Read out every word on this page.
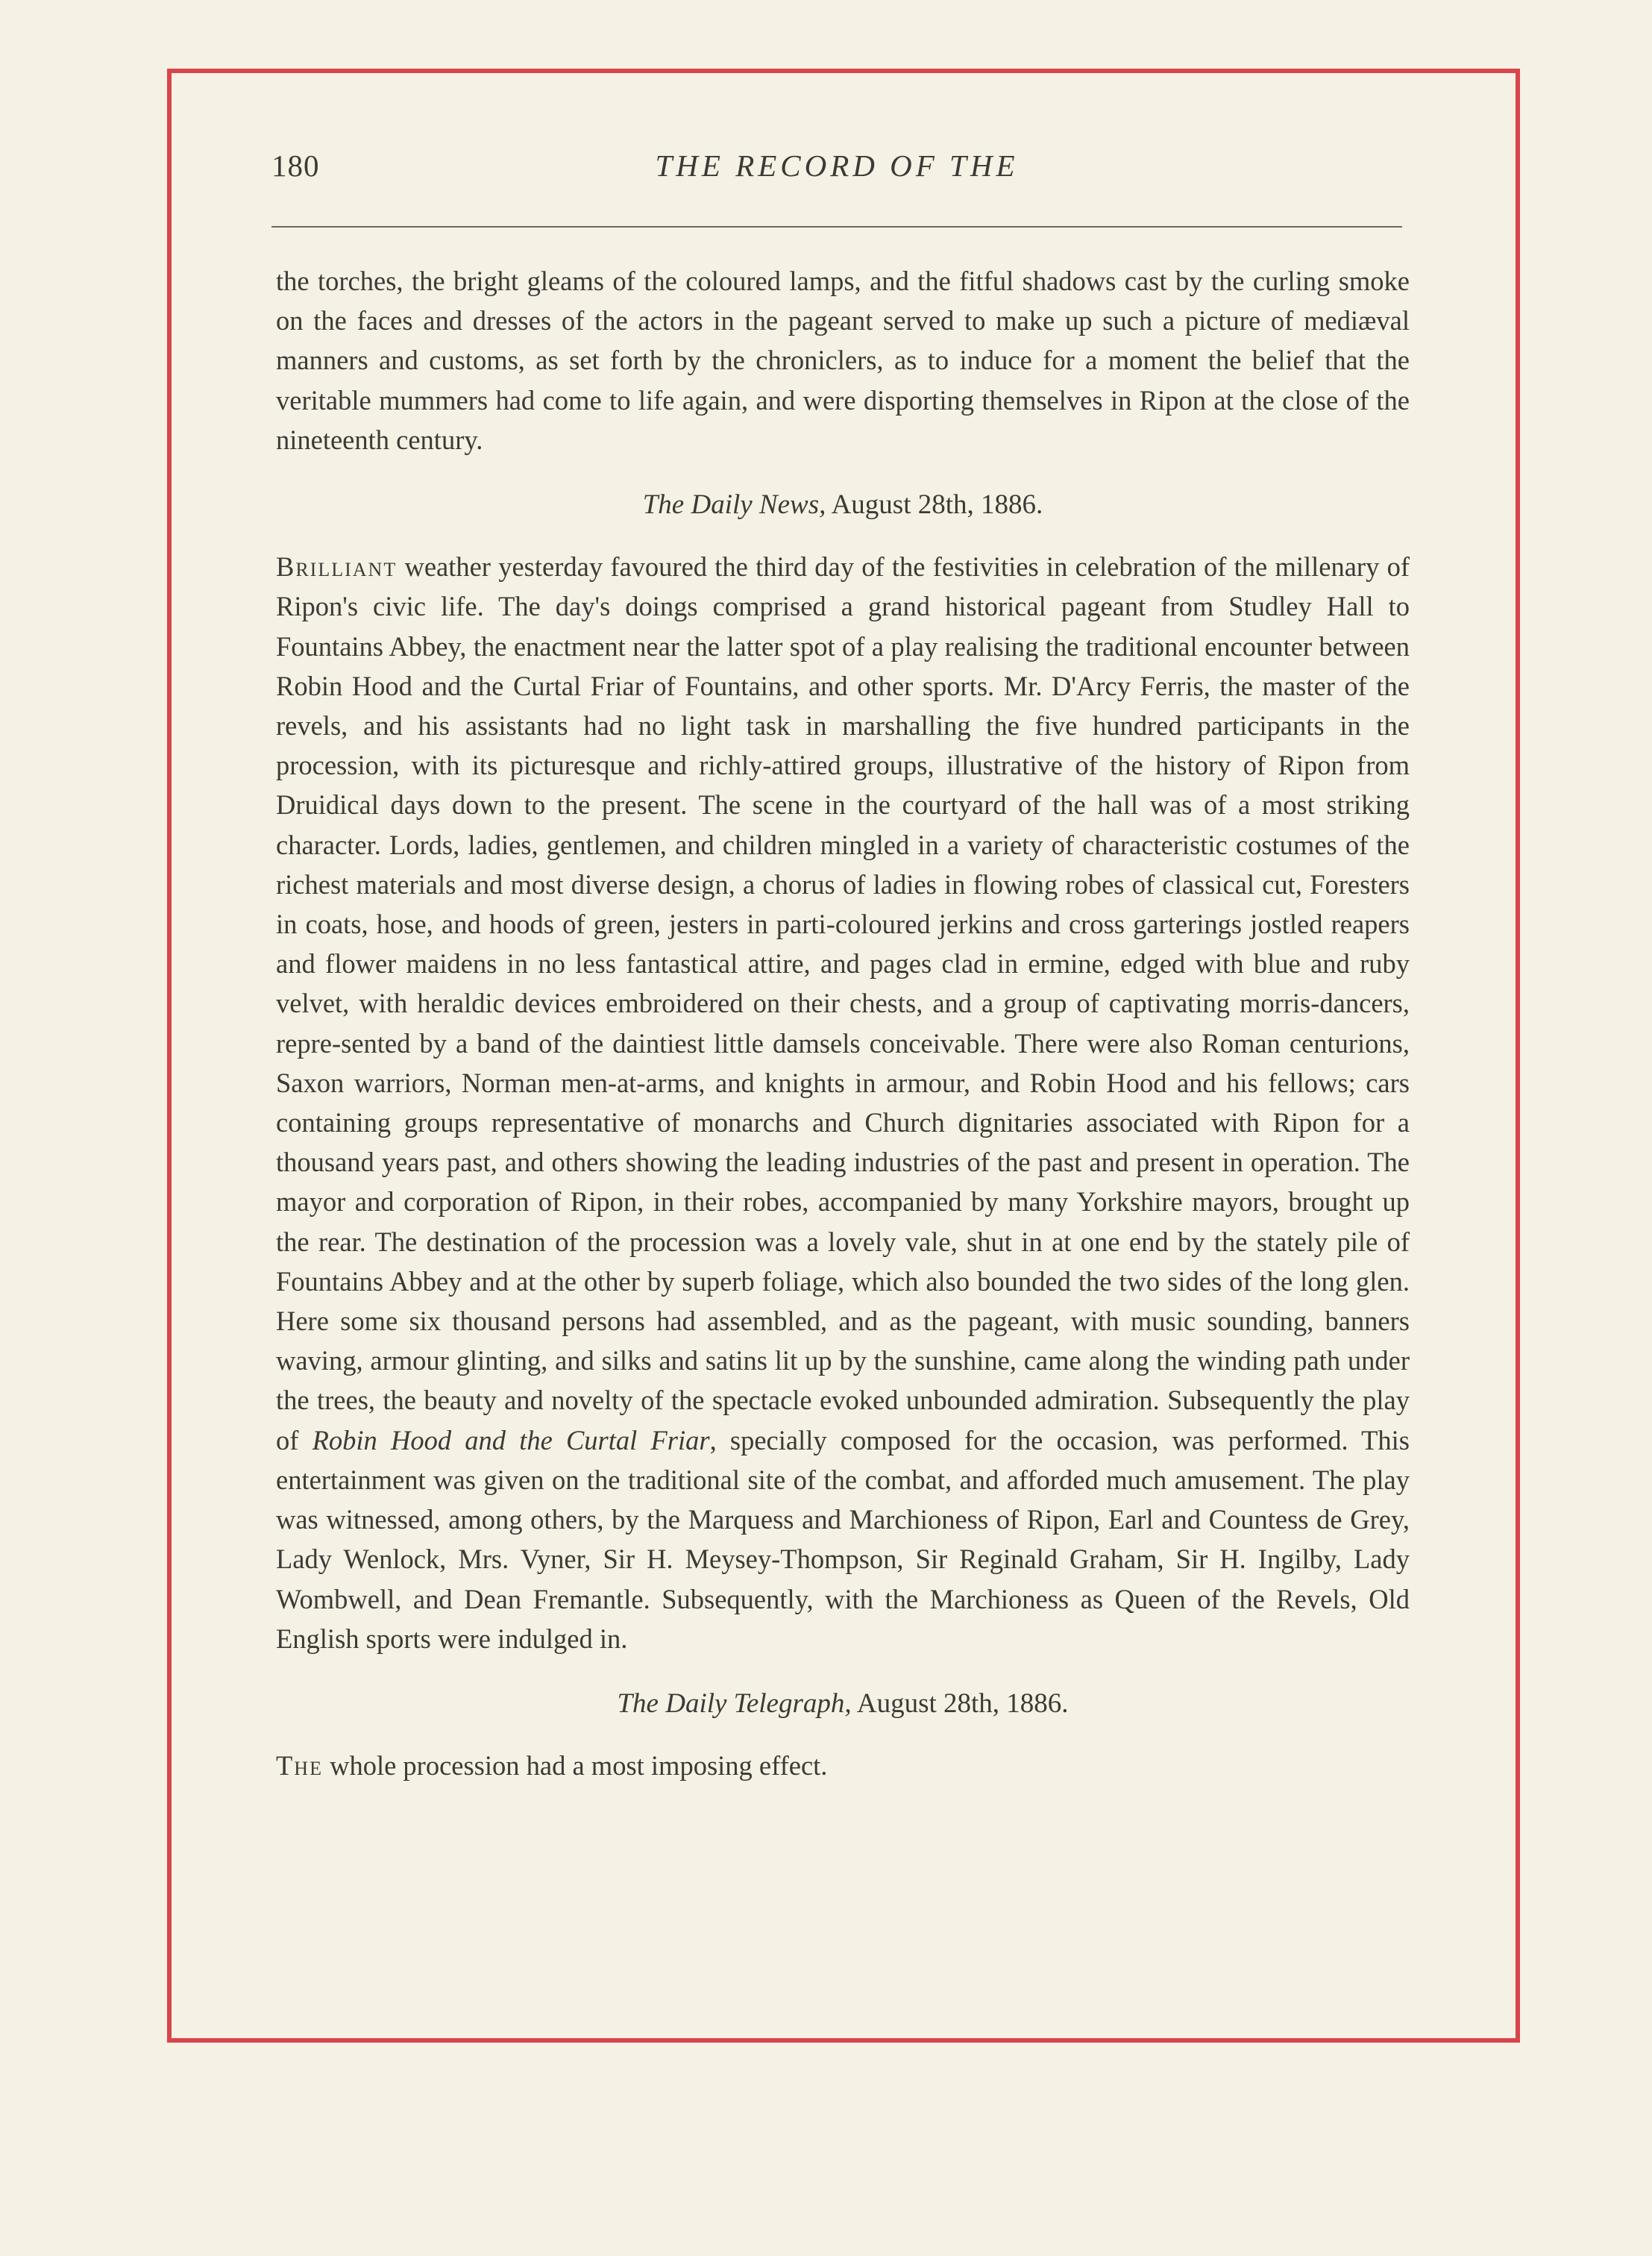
180	THE RECORD OF THE

the torches, the bright gleams of the coloured lamps, and the fitful shadows cast by the curling smoke on the faces and dresses of the actors in the pageant served to make up such a picture of mediæval manners and customs, as set forth by the chroniclers, as to induce for a moment the belief that the veritable mummers had come to life again, and were disporting themselves in Ripon at the close of the nineteenth century.

The Daily News, August 28th, 1886.

Brilliant weather yesterday favoured the third day of the festivities in celebration of the millenary of Ripon's civic life. The day's doings comprised a grand historical pageant from Studley Hall to Fountains Abbey, the enactment near the latter spot of a play realising the traditional encounter between Robin Hood and the Curtal Friar of Fountains, and other sports. Mr. D'Arcy Ferris, the master of the revels, and his assistants had no light task in marshalling the five hundred participants in the procession, with its picturesque and richly-attired groups, illustrative of the history of Ripon from Druidical days down to the present. The scene in the courtyard of the hall was of a most striking character. Lords, ladies, gentlemen, and children mingled in a variety of characteristic costumes of the richest materials and most diverse design, a chorus of ladies in flowing robes of classical cut, Foresters in coats, hose, and hoods of green, jesters in parti-coloured jerkins and cross garterings jostled reapers and flower maidens in no less fantastical attire, and pages clad in ermine, edged with blue and ruby velvet, with heraldic devices embroidered on their chests, and a group of captivating morris-dancers, repre-sented by a band of the daintiest little damsels conceivable. There were also Roman centurions, Saxon warriors, Norman men-at-arms, and knights in armour, and Robin Hood and his fellows; cars containing groups representative of monarchs and Church dignitaries associated with Ripon for a thousand years past, and others showing the leading industries of the past and present in operation. The mayor and corporation of Ripon, in their robes, accompanied by many Yorkshire mayors, brought up the rear. The destination of the procession was a lovely vale, shut in at one end by the stately pile of Fountains Abbey and at the other by superb foliage, which also bounded the two sides of the long glen. Here some six thousand persons had assembled, and as the pageant, with music sounding, banners waving, armour glinting, and silks and satins lit up by the sunshine, came along the winding path under the trees, the beauty and novelty of the spectacle evoked unbounded admiration. Subsequently the play of Robin Hood and the Curtal Friar, specially composed for the occasion, was performed. This entertainment was given on the traditional site of the combat, and afforded much amusement. The play was witnessed, among others, by the Marquess and Marchioness of Ripon, Earl and Countess de Grey, Lady Wenlock, Mrs. Vyner, Sir H. Meysey-Thompson, Sir Reginald Graham, Sir H. Ingilby, Lady Wombwell, and Dean Fremantle. Subsequently, with the Marchioness as Queen of the Revels, Old English sports were indulged in.

The Daily Telegraph, August 28th, 1886.

The whole procession had a most imposing effect.
